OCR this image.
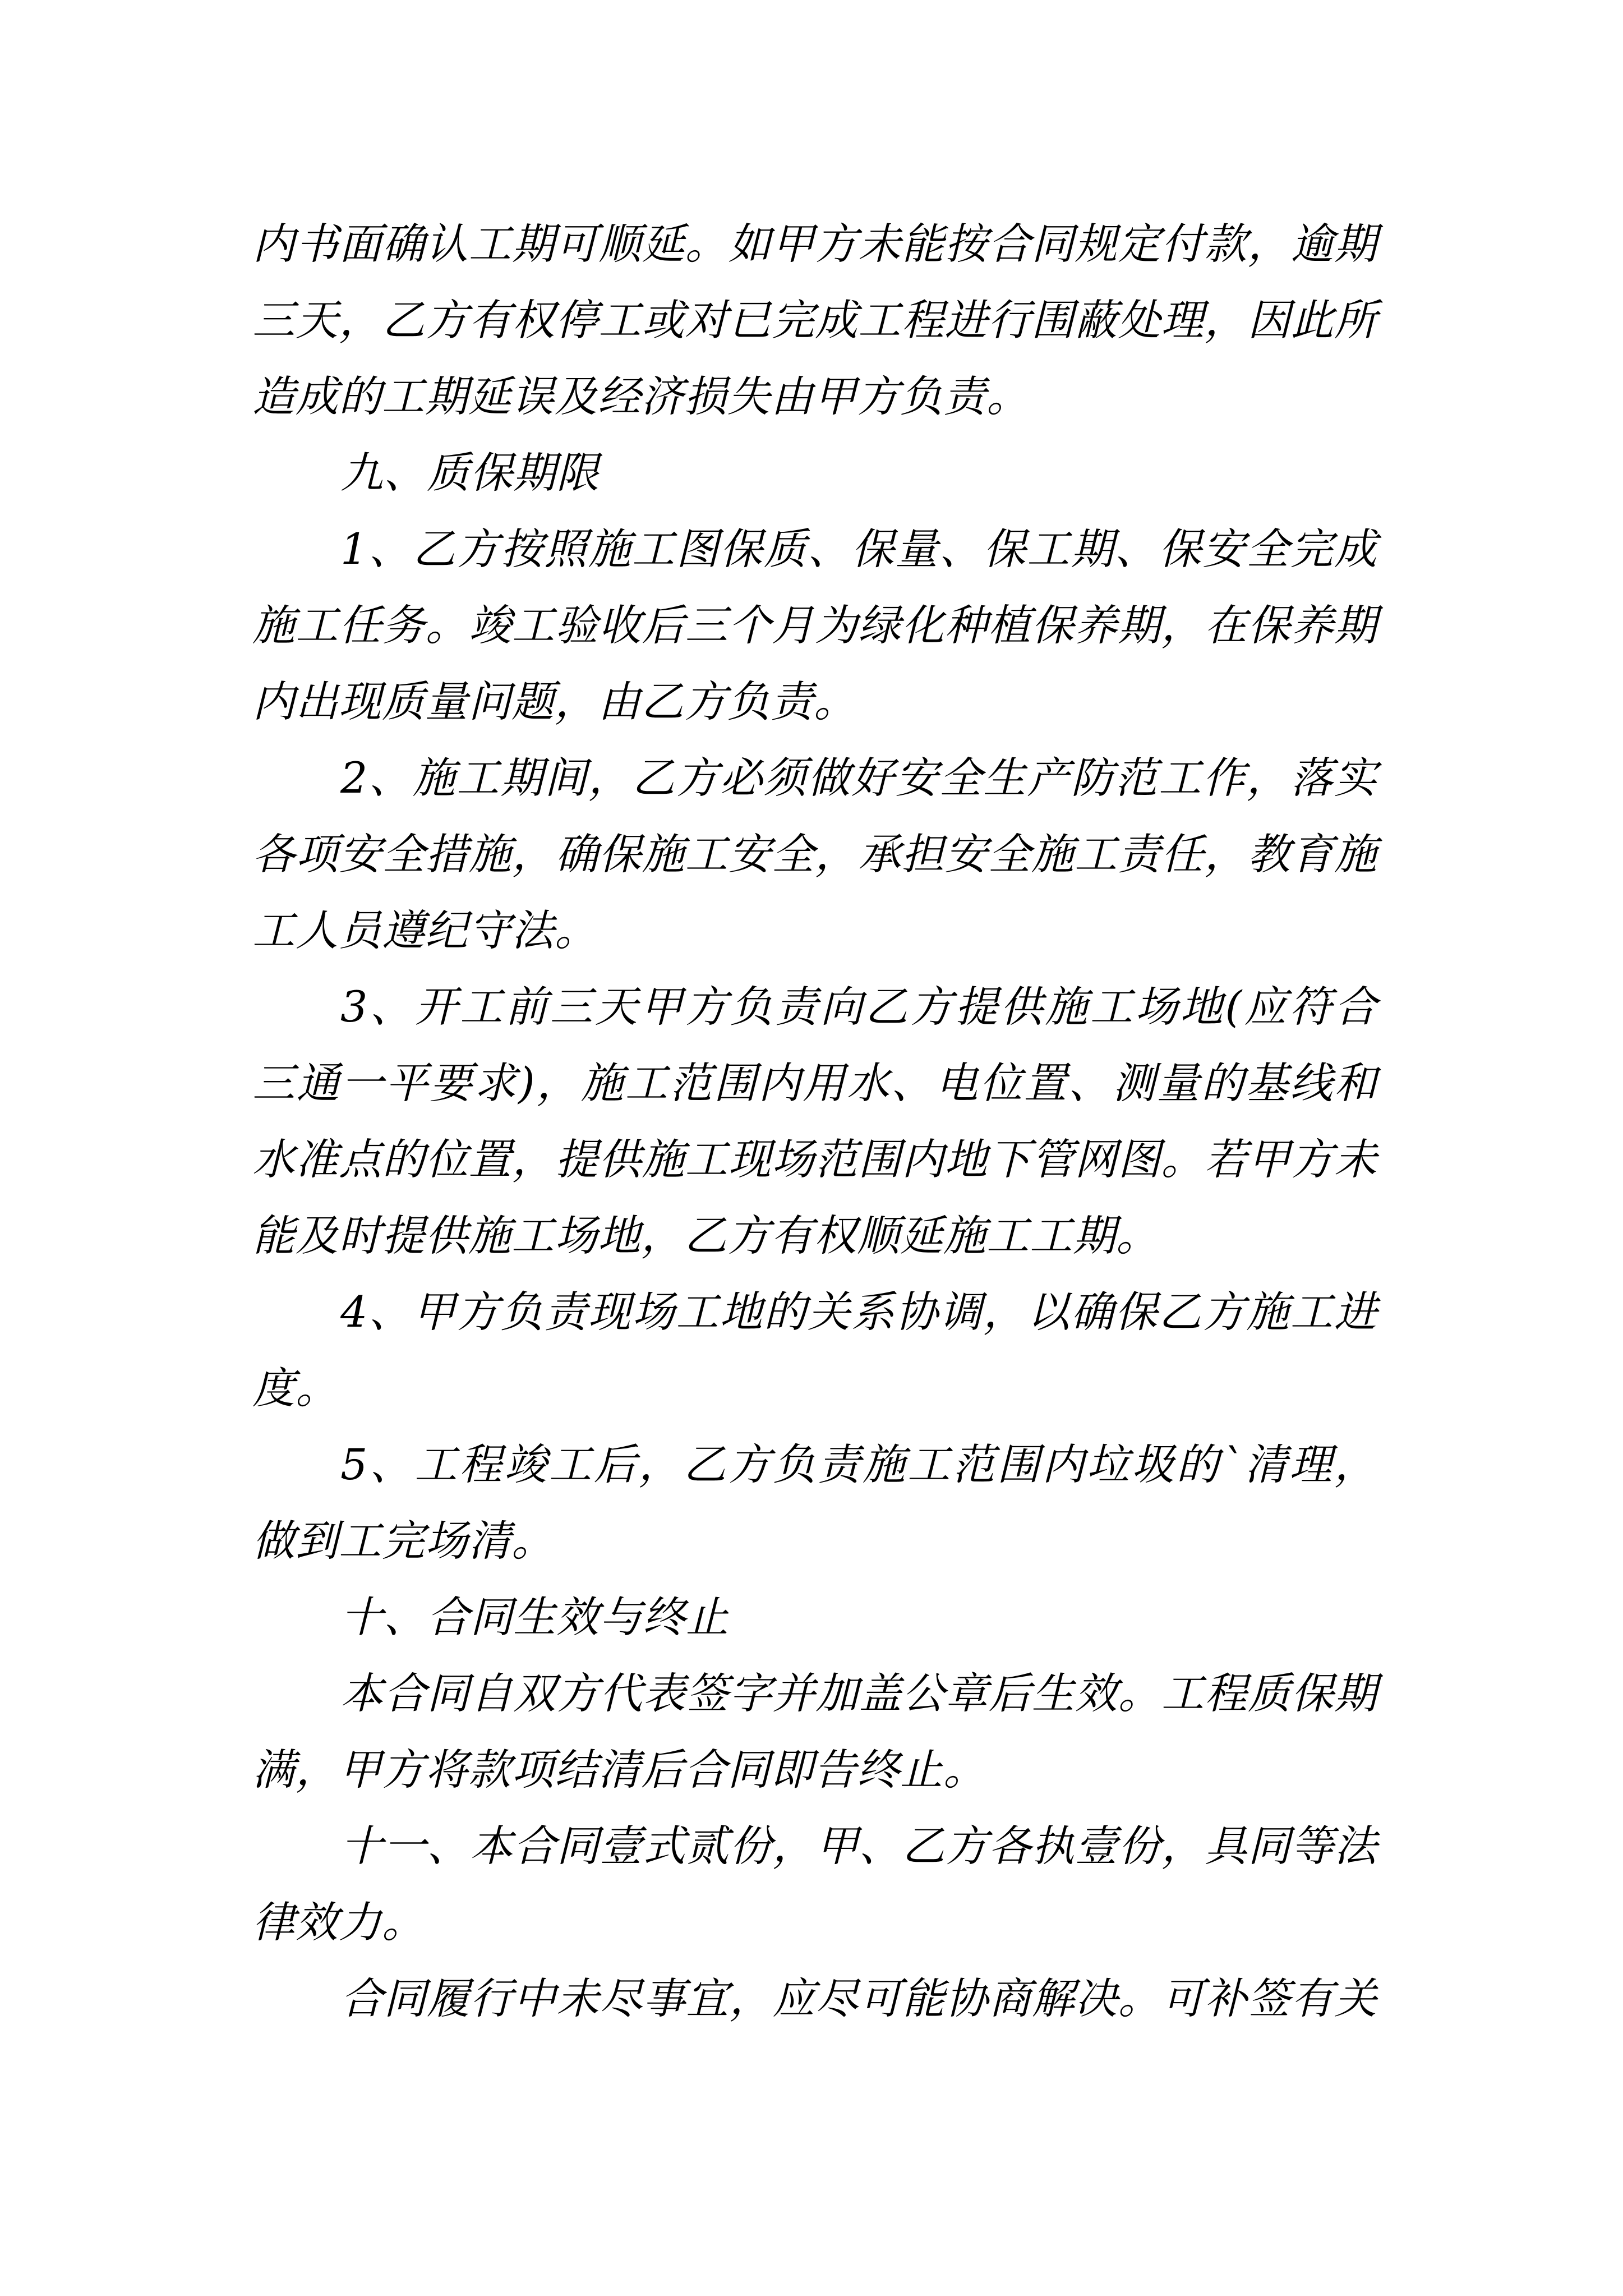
内书面确认工期可顺延。如甲方未能按合同规定付款，逾期三天，乙方有权停工或对已完成工程进行围蔽处理，因此所造成的工期延误及经济损失由甲方负责。

九、质保期限

1、乙方按照施工图保质、保量、保工期、保安全完成施工任务。竣工验收后三个月为绿化种植保养期，在保养期内出现质量问题，由乙方负责。

2、施工期间，乙方必须做好安全生产防范工作，落实各项安全措施，确保施工安全，承担安全施工责任，教育施工人员遵纪守法。

3、开工前三天甲方负责向乙方提供施工场地(应符合三通一平要求)，施工范围内用水、电位置、测量的基线和水准点的位置，提供施工现场范围内地下管网图。若甲方未能及时提供施工场地，乙方有权顺延施工工期。

4、甲方负责现场工地的关系协调，以确保乙方施工进度。

5、工程竣工后，乙方负责施工范围内垃圾的`清理，做到工完场清。

十、合同生效与终止

本合同自双方代表签字并加盖公章后生效。工程质保期满，甲方将款项结清后合同即告终止。

十一、本合同壹式贰份，甲、乙方各执壹份，具同等法律效力。

合同履行中未尽事宜，应尽可能协商解决。可补签有关
